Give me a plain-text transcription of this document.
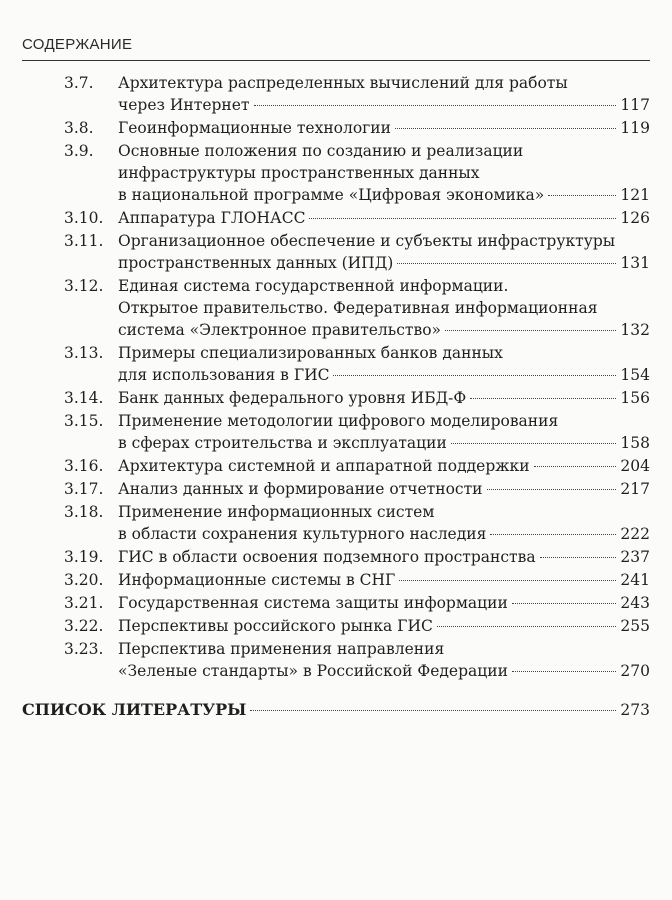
СОДЕРЖАНИЕ
3.7. Архитектура распределенных вычислений для работы
через Интернет	117
3.8. Геоинформационные технологии	119
3.9. Основные положения по созданию и реализации
инфраструктуры пространственных данных
в национальной программе «Цифровая экономика»	121
3.10. Аппаратура ГЛОНАСС	126
3.11. Организационное обеспечение и субъекты инфраструктуры
пространственных данных (ИПД)	131
3.12. Единая система государственной информации.
Открытое правительство. Федеративная информационная
система «Электронное правительство»	132
3.13. Примеры специализированных банков данных
для использования в ГИС	154
3.14. Банк данных федерального уровня ИБД-Ф	156
3.15. Применение методологии цифрового моделирования
в сферах строительства и эксплуатации	158
3.16. Архитектура системной и аппаратной поддержки	204
3.17. Анализ данных и формирование отчетности	217
3.18. Применение информационных систем
в области сохранения культурного наследия	222
3.19. ГИС в области освоения подземного пространства	237
3.20. Информационные системы в СНГ	241
3.21. Государственная система защиты информации	243
3.22. Перспективы российского рынка ГИС	255
3.23. Перспектива применения направления
«Зеленые стандарты» в Российской Федерации	270
СПИСОК ЛИТЕРАТУРЫ	273
